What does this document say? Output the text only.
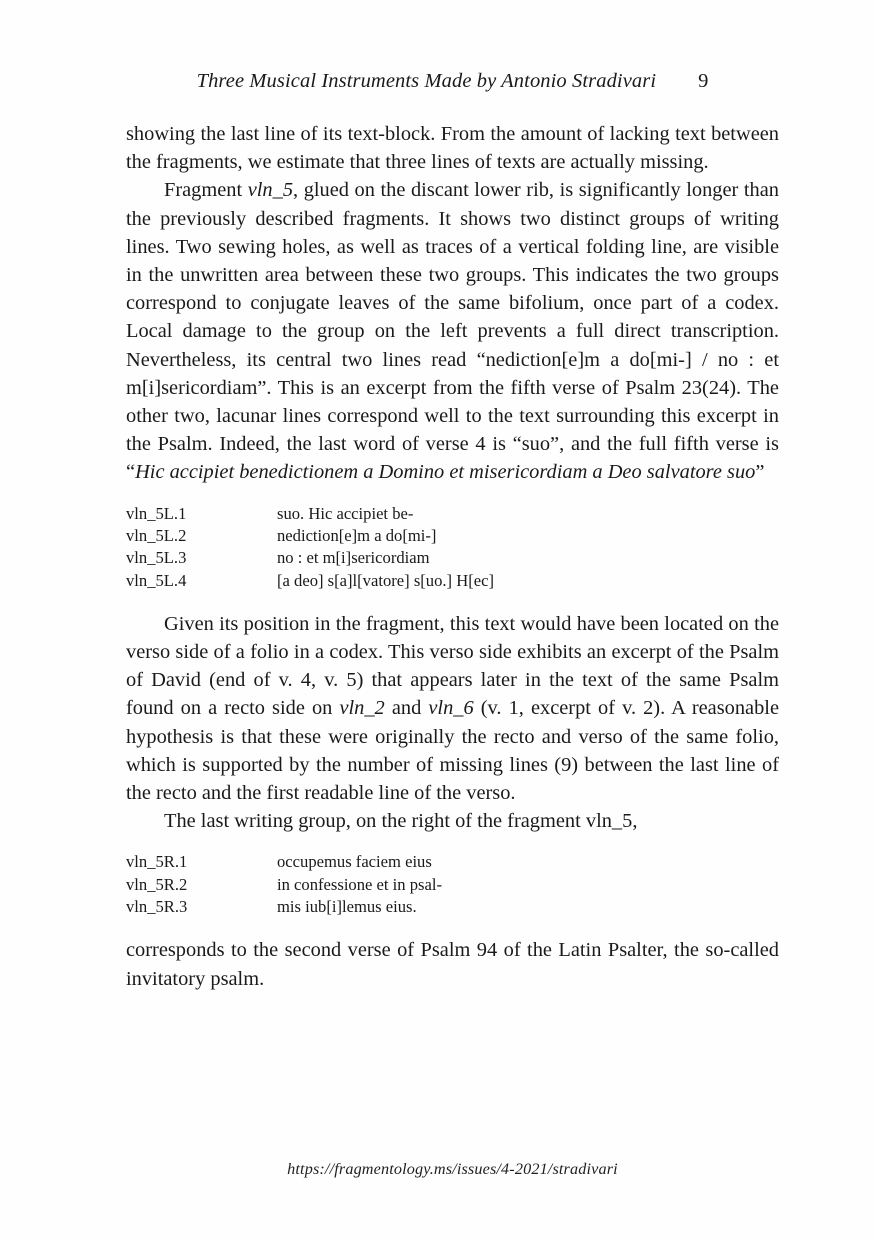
Three Musical Instruments Made by Antonio Stradivari 9

showing the last line of its text-block. From the amount of lacking text between the fragments, we estimate that three lines of texts are actually missing.

Fragment vln_5, glued on the discant lower rib, is significantly longer than the previously described fragments. It shows two distinct groups of writing lines. Two sewing holes, as well as traces of a vertical folding line, are visible in the unwritten area between these two groups. This indicates the two groups correspond to conjugate leaves of the same bifolium, once part of a codex. Local damage to the group on the left prevents a full direct transcription. Nevertheless, its central two lines read “nediction[e]m a do[mi-] / no : et m[i]sericordiam”. This is an excerpt from the fifth verse of Psalm 23(24). The other two, lacunar lines correspond well to the text surrounding this excerpt in the Psalm. Indeed, the last word of verse 4 is “suo”, and the full fifth verse is “Hic accipiet benedictionem a Domino et misericordiam a Deo salvatore suo”

vln_5L.1	suo. Hic accipiet be-
vln_5L.2	nediction[e]m a do[mi-]
vln_5L.3	no : et m[i]sericordiam
vln_5L.4	[a deo] s[a]l[vatore] s[uo.] H[ec]

Given its position in the fragment, this text would have been located on the verso side of a folio in a codex. This verso side exhibits an excerpt of the Psalm of David (end of v. 4, v. 5) that appears later in the text of the same Psalm found on a recto side on vln_2 and vln_6 (v. 1, excerpt of v. 2). A reasonable hypothesis is that these were originally the recto and verso of the same folio, which is supported by the number of missing lines (9) between the last line of the recto and the first readable line of the verso.

The last writing group, on the right of the fragment vln_5,

vln_5R.1	occupemus faciem eius
vln_5R.2	in confessione et in psal-
vln_5R.3	mis iub[i]lemus eius.

corresponds to the second verse of Psalm 94 of the Latin Psalter, the so-called invitatory psalm.

https://fragmentology.ms/issues/4-2021/stradivari
